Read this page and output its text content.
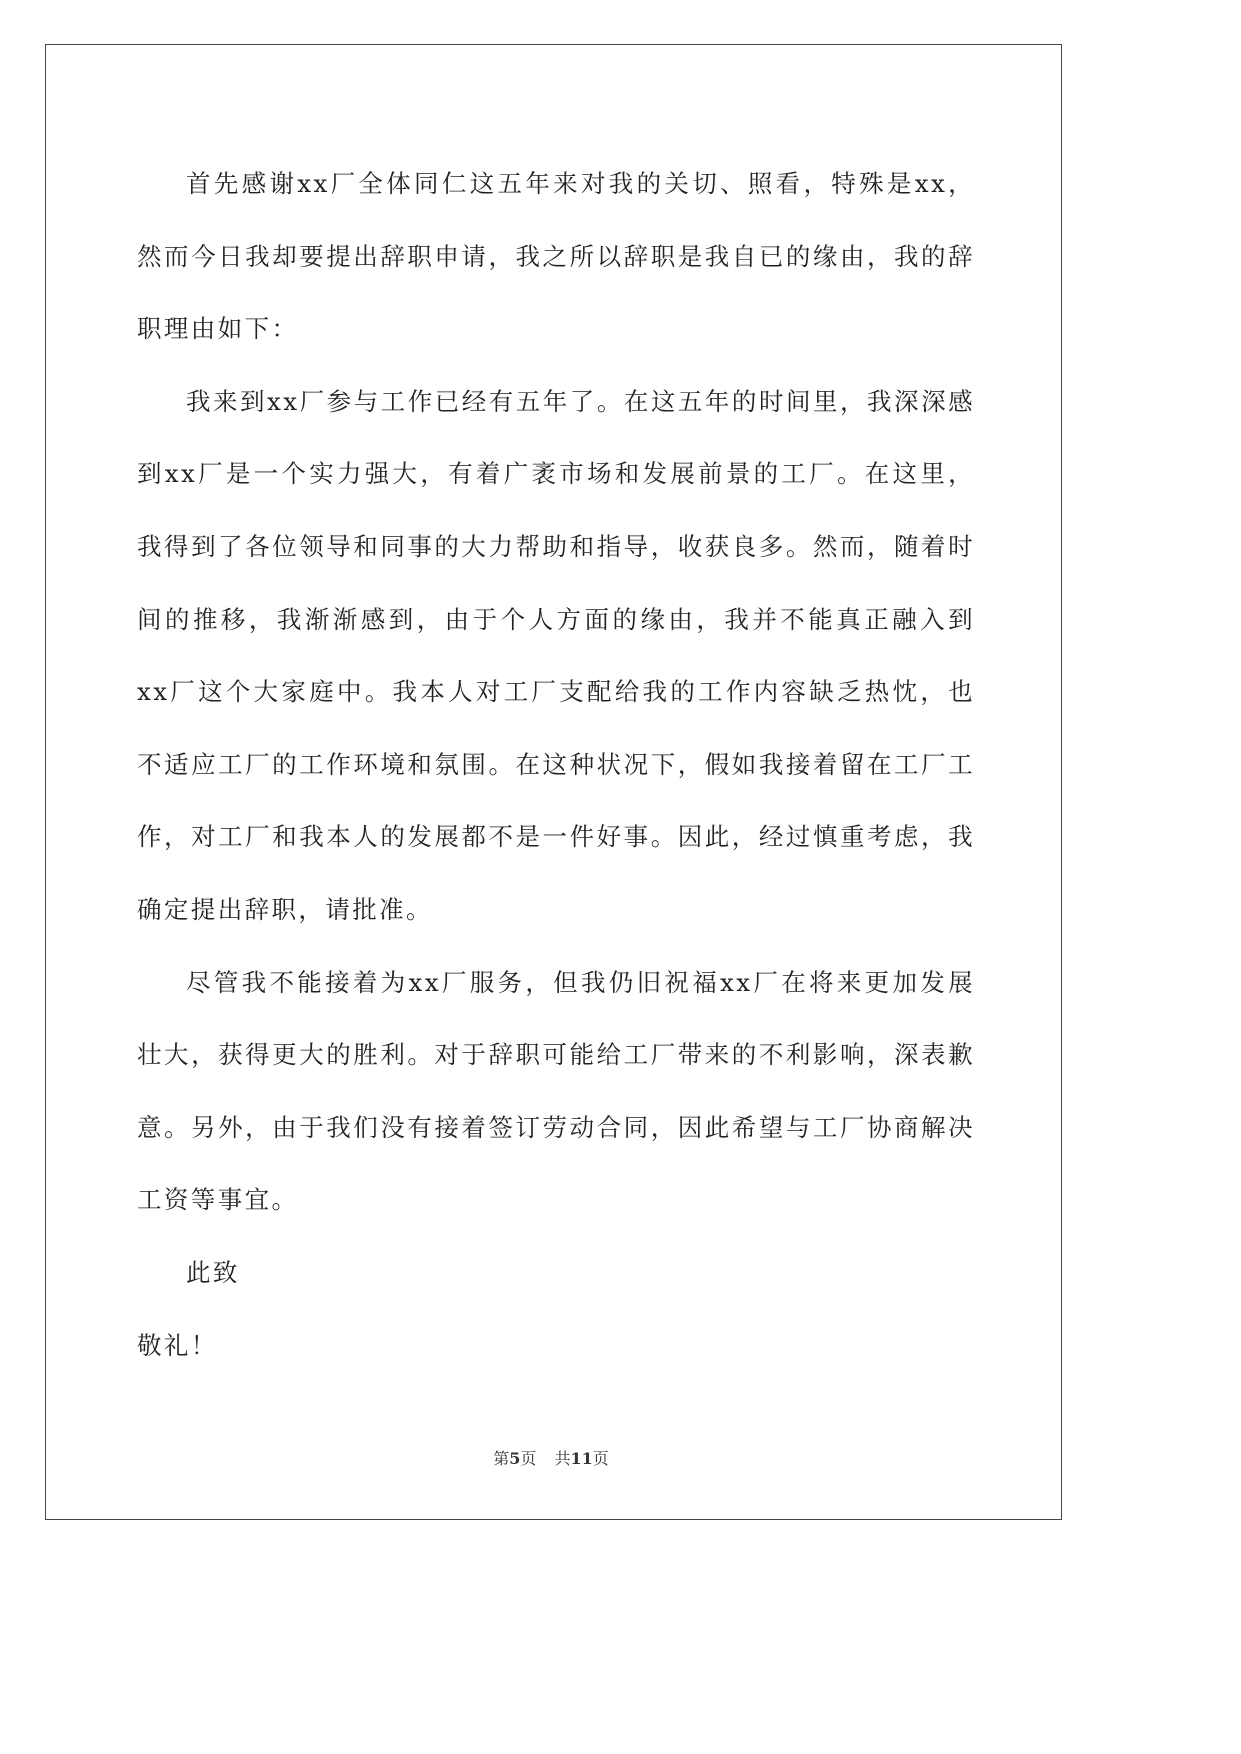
首先感谢xx厂全体同仁这五年来对我的关切、照看，特殊是xx，然而今日我却要提出辞职申请，我之所以辞职是我自已的缘由，我的辞职理由如下：

我来到xx厂参与工作已经有五年了。在这五年的时间里，我深深感到xx厂是一个实力强大，有着广袤市场和发展前景的工厂。在这里，我得到了各位领导和同事的大力帮助和指导，收获良多。然而，随着时间的推移，我渐渐感到，由于个人方面的缘由，我并不能真正融入到xx厂这个大家庭中。我本人对工厂支配给我的工作内容缺乏热忱，也不适应工厂的工作环境和氛围。在这种状况下，假如我接着留在工厂工作，对工厂和我本人的发展都不是一件好事。因此，经过慎重考虑，我确定提出辞职，请批准。

尽管我不能接着为xx厂服务，但我仍旧祝福xx厂在将来更加发展壮大，获得更大的胜利。对于辞职可能给工厂带来的不利影响，深表歉意。另外，由于我们没有接着签订劳动合同，因此希望与工厂协商解决工资等事宜。

此致

敬礼！

第5页 共11页
